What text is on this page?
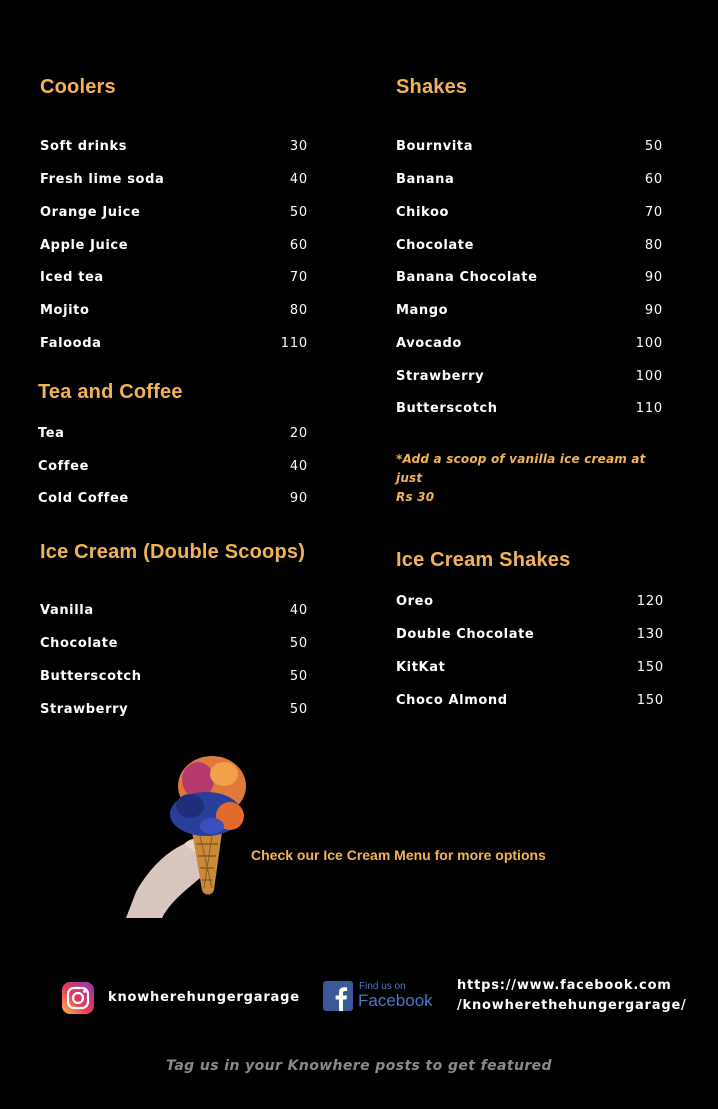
Coolers
Soft drinks	30
Fresh lime soda	40
Orange Juice	50
Apple Juice	60
Iced tea	70
Mojito	80
Falooda	110
Tea and Coffee
Tea	20
Coffee	40
Cold Coffee	90
Ice Cream (Double Scoops)
Vanilla	40
Chocolate	50
Butterscotch	50
Strawberry	50
Shakes
Bournvita	50
Banana	60
Chikoo	70
Chocolate	80
Banana Chocolate	90
Mango	90
Avocado	100
Strawberry	100
Butterscotch	110
*Add a scoop of vanilla ice cream at just
Rs 30
Ice Cream Shakes
Oreo	120
Double Chocolate	130
KitKat	150
Choco Almond	150
Check our Ice Cream Menu for more options
knowherehungergarage
Find us on
Facebook
https://www.facebook.com
/knowherethehungergarage/
Tag us in your Knowhere posts to get featured
